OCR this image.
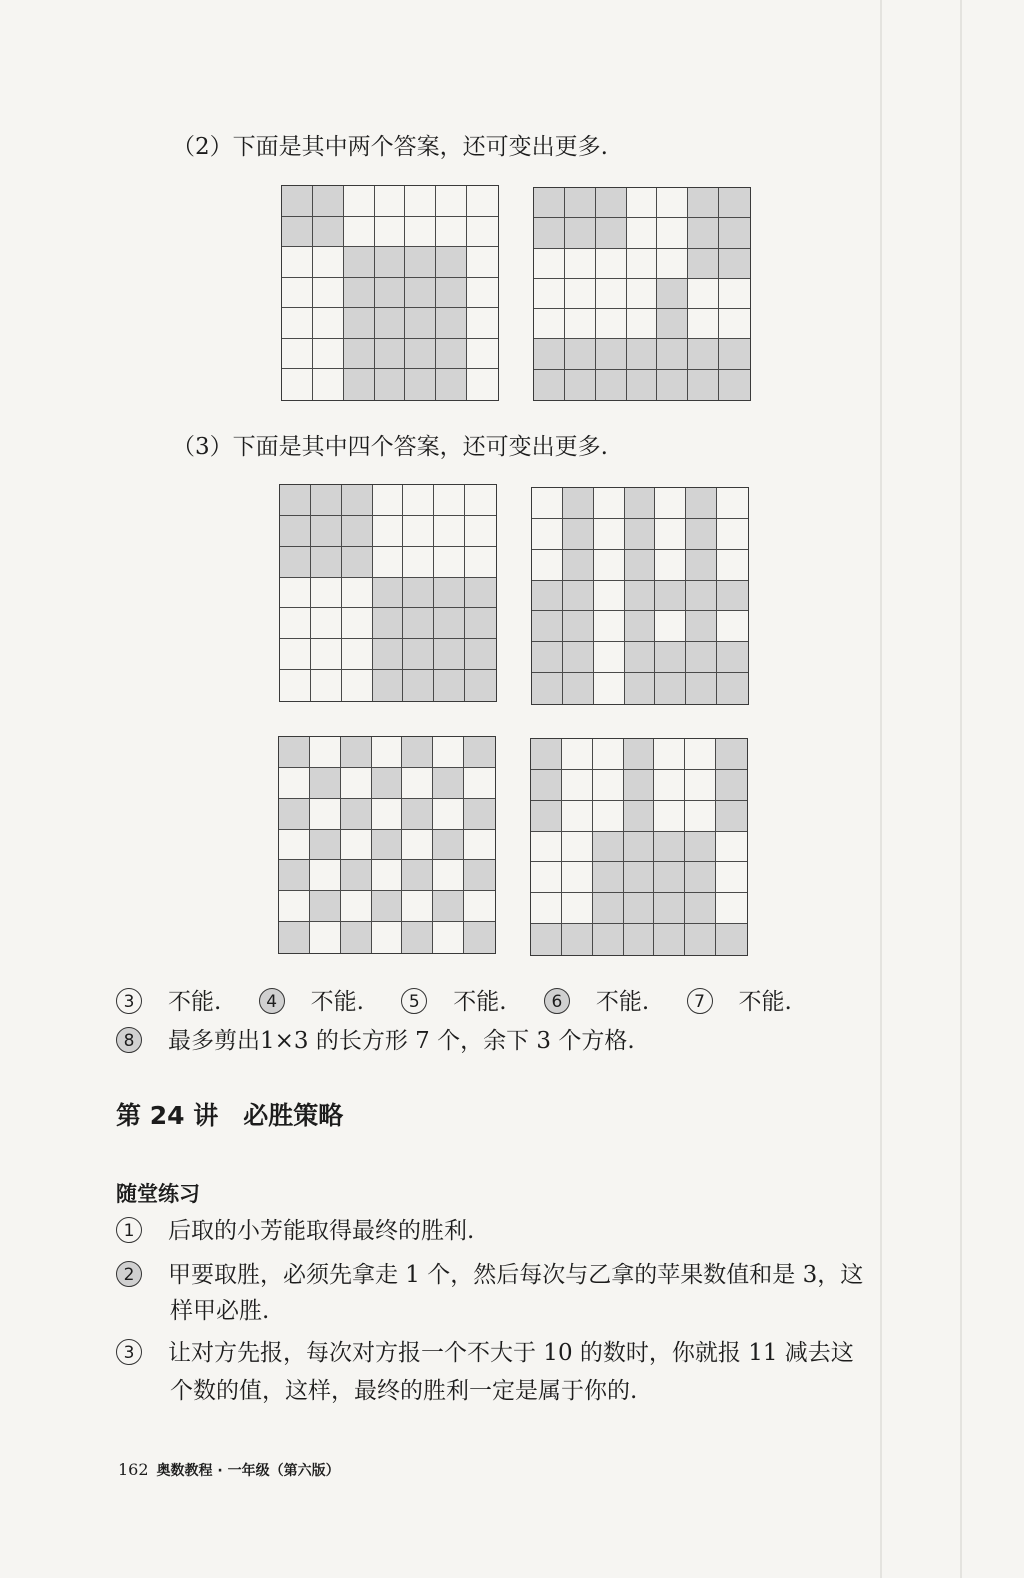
（2）下面是其中两个答案，还可变出更多.
（3）下面是其中四个答案，还可变出更多.
3 不能.	4 不能.	5 不能.	6 不能.	7 不能.
8 最多剪出1×3 的长方形 7 个，余下 3 个方格.
第 24 讲　必胜策略
随堂练习
1 后取的小芳能取得最终的胜利.
2 甲要取胜，必须先拿走 1 个，然后每次与乙拿的苹果数值和是 3，这
样甲必胜.
3 让对方先报，每次对方报一个不大于 10 的数时，你就报 11 减去这
个数的值，这样，最终的胜利一定是属于你的.
162 奥数教程 · 一年级（第六版）
